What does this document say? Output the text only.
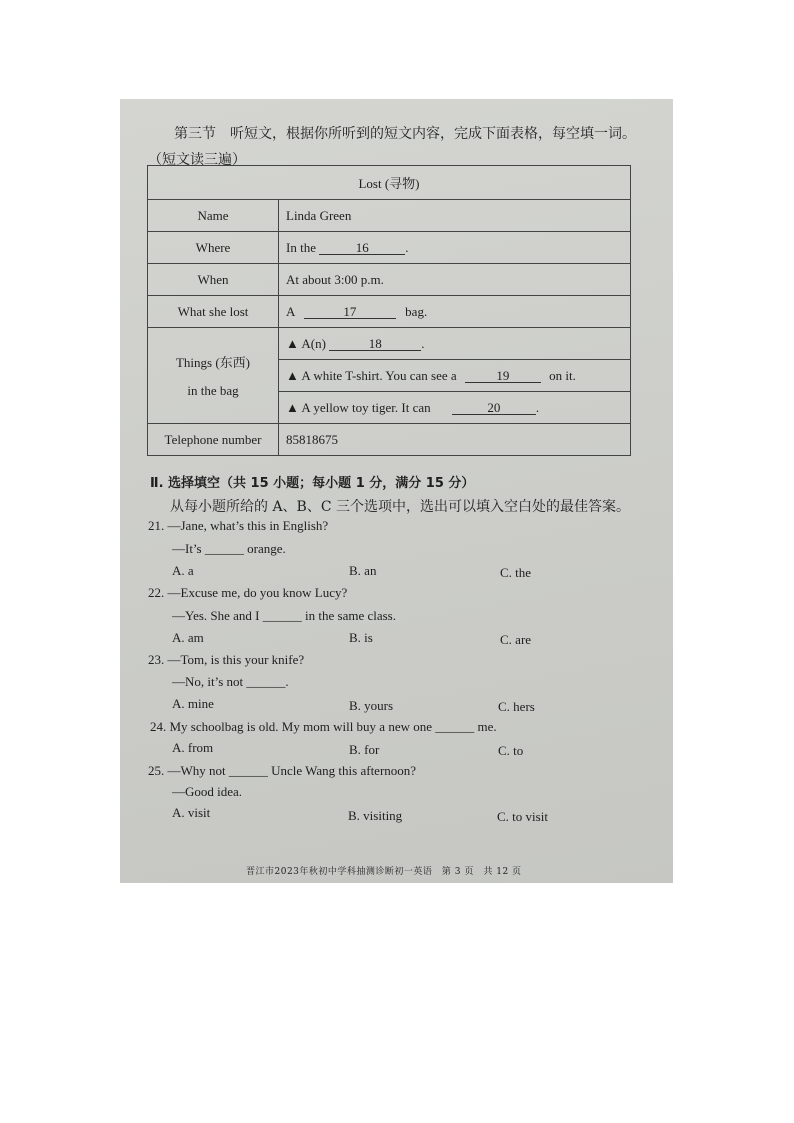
第三节　听短文，根据你所听到的短文内容，完成下面表格，每空填一词。
（短文读三遍）
Lost (寻物)	
Name	Linda Green
Where	In the 16 .
When	At about 3:00 p.m.
What she lost	A 17 bag.

Things (东西)
in the bag	▲ A(n) 18 .
	▲ A white T-shirt. You can see a 19 on it.
	▲ A yellow toy tiger. It can 20 .
Telephone number	85818675
Ⅱ. 选择填空（共 15 小题；每小题 1 分，满分 15 分）
从每小题所给的 A、B、C 三个选项中，选出可以填入空白处的最佳答案。
21. —Jane, what’s this in English?
—It’s ______ orange.
A. a	B. an	C. the
22. —Excuse me, do you know Lucy?
—Yes. She and I ______ in the same class.
A. am	B. is	C. are
23. —Tom, is this your knife?
—No, it’s not ______.
A. mine	B. yours	C. hers
24. My schoolbag is old. My mom will buy a new one ______ me.
A. from	B. for	C. to
25. —Why not ______ Uncle Wang this afternoon?
—Good idea.
A. visit	B. visiting	C. to visit
晋江市2023年秋初中学科抽测诊断初一英语　第 3 页　共 12 页
